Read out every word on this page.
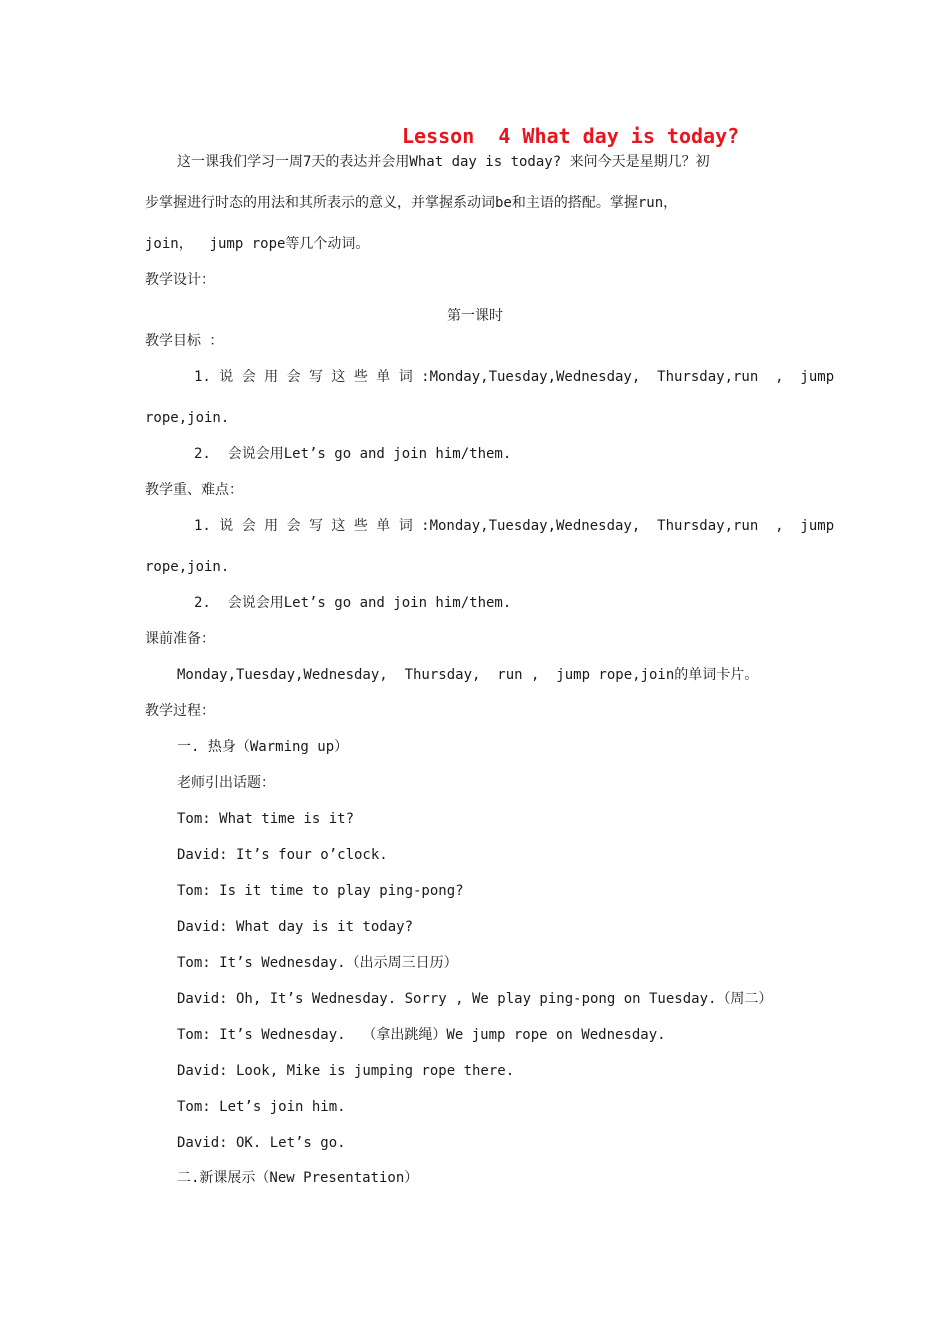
Lesson  4 What day is today?
这一课我们学习一周7天的表达并会用What day is today? 来问今天是星期几？初
步掌握进行时态的用法和其所表示的意义，并掌握系动词be和主语的搭配。掌握run，
join，  jump rope等几个动词。
教学设计：
第一课时
教学目标 ：
1. 说 会 用 会 写 这 些 单 词 :Monday,Tuesday,Wednesday,  Thursday,run  ,  jump
rope,join.
2.  会说会用Let’s go and join him/them.
教学重、难点：
1. 说 会 用 会 写 这 些 单 词 :Monday,Tuesday,Wednesday,  Thursday,run  ,  jump
rope,join.
2.  会说会用Let’s go and join him/them.
课前准备：
Monday,Tuesday,Wednesday,  Thursday,  run ,  jump rope,join的单词卡片。
教学过程：
一. 热身（Warming up）
老师引出话题：
Tom: What time is it?
David: It’s four o’clock.
Tom: Is it time to play ping-pong?
David: What day is it today?
Tom: It’s Wednesday.（出示周三日历）
David: Oh, It’s Wednesday. Sorry , We play ping-pong on Tuesday.（周二）
Tom: It’s Wednesday.  （拿出跳绳）We jump rope on Wednesday.
David: Look, Mike is jumping rope there.
Tom: Let’s join him.
David: OK. Let’s go.
二.新课展示（New Presentation）
